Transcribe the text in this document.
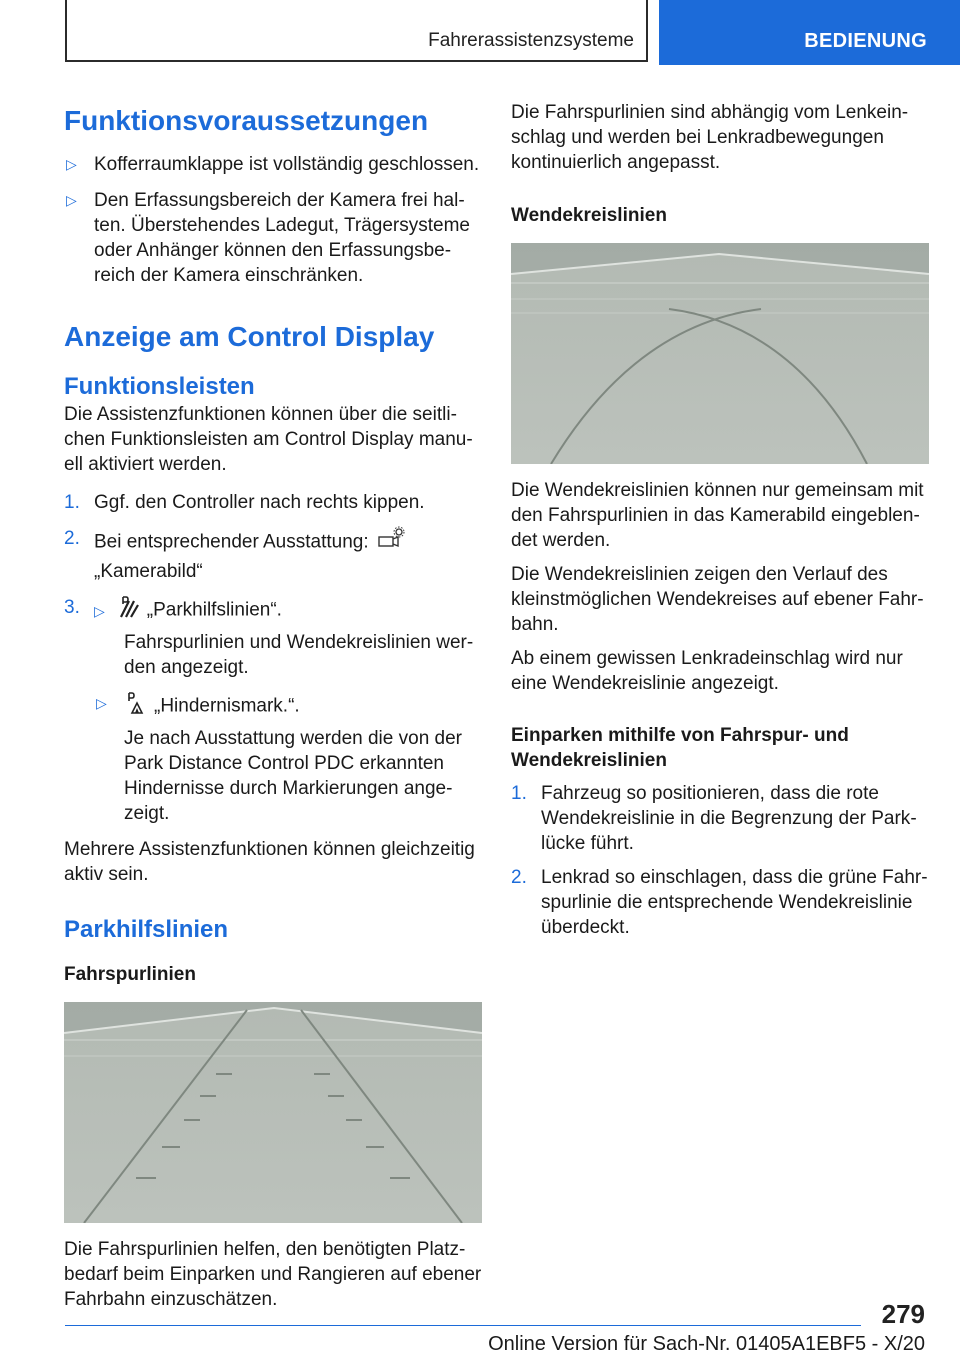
Fahrerassistenzsysteme	BEDIENUNG
Funktionsvoraussetzungen
▷ Kofferraumklappe ist vollständig geschlossen.
▷ Den Erfassungsbereich der Kamera frei halten. Überstehendes Ladegut, Trägersysteme oder Anhänger können den Erfassungsbereich der Kamera einschränken.
Anzeige am Control Display
Funktionsleisten

Die Assistenzfunktionen können über die seitlichen Funktionsleisten am Control Display manuell aktiviert werden.

1. Ggf. den Controller nach rechts kippen.
2. Bei entsprechender Ausstattung:
„Kamerabild“
3. ▷ „Parkhilfslinien“.

Fahrspurlinien und Wendekreislinien werden angezeigt.

▷ „Hindernismark.“.

Je nach Ausstattung werden die von der Park Distance Control PDC erkannten Hindernisse durch Markierungen angezeigt.

Mehrere Assistenzfunktionen können gleichzeitig aktiv sein.

Parkhilfslinien
Fahrspurlinien

Die Fahrspurlinien helfen, den benötigten Platzbedarf beim Einparken und Rangieren auf ebener Fahrbahn einzuschätzen.

Die Fahrspurlinien sind abhängig vom Lenkeinschlag und werden bei Lenkradbewegungen kontinuierlich angepasst.

Wendekreislinien

Die Wendekreislinien können nur gemeinsam mit den Fahrspurlinien in das Kamerabild eingeblendet werden.

Die Wendekreislinien zeigen den Verlauf des kleinstmöglichen Wendekreises auf ebener Fahrbahn.

Ab einem gewissen Lenkradeinschlag wird nur eine Wendekreislinie angezeigt.

Einparken mithilfe von Fahrspur- und Wendekreislinien
1. Fahrzeug so positionieren, dass die rote Wendekreislinie in die Begrenzung der Parklücke führt.
2. Lenkrad so einschlagen, dass die grüne Fahrspurlinie die entsprechende Wendekreislinie überdeckt.
279
Online Version für Sach-Nr. 01405A1EBF5 - X/20
